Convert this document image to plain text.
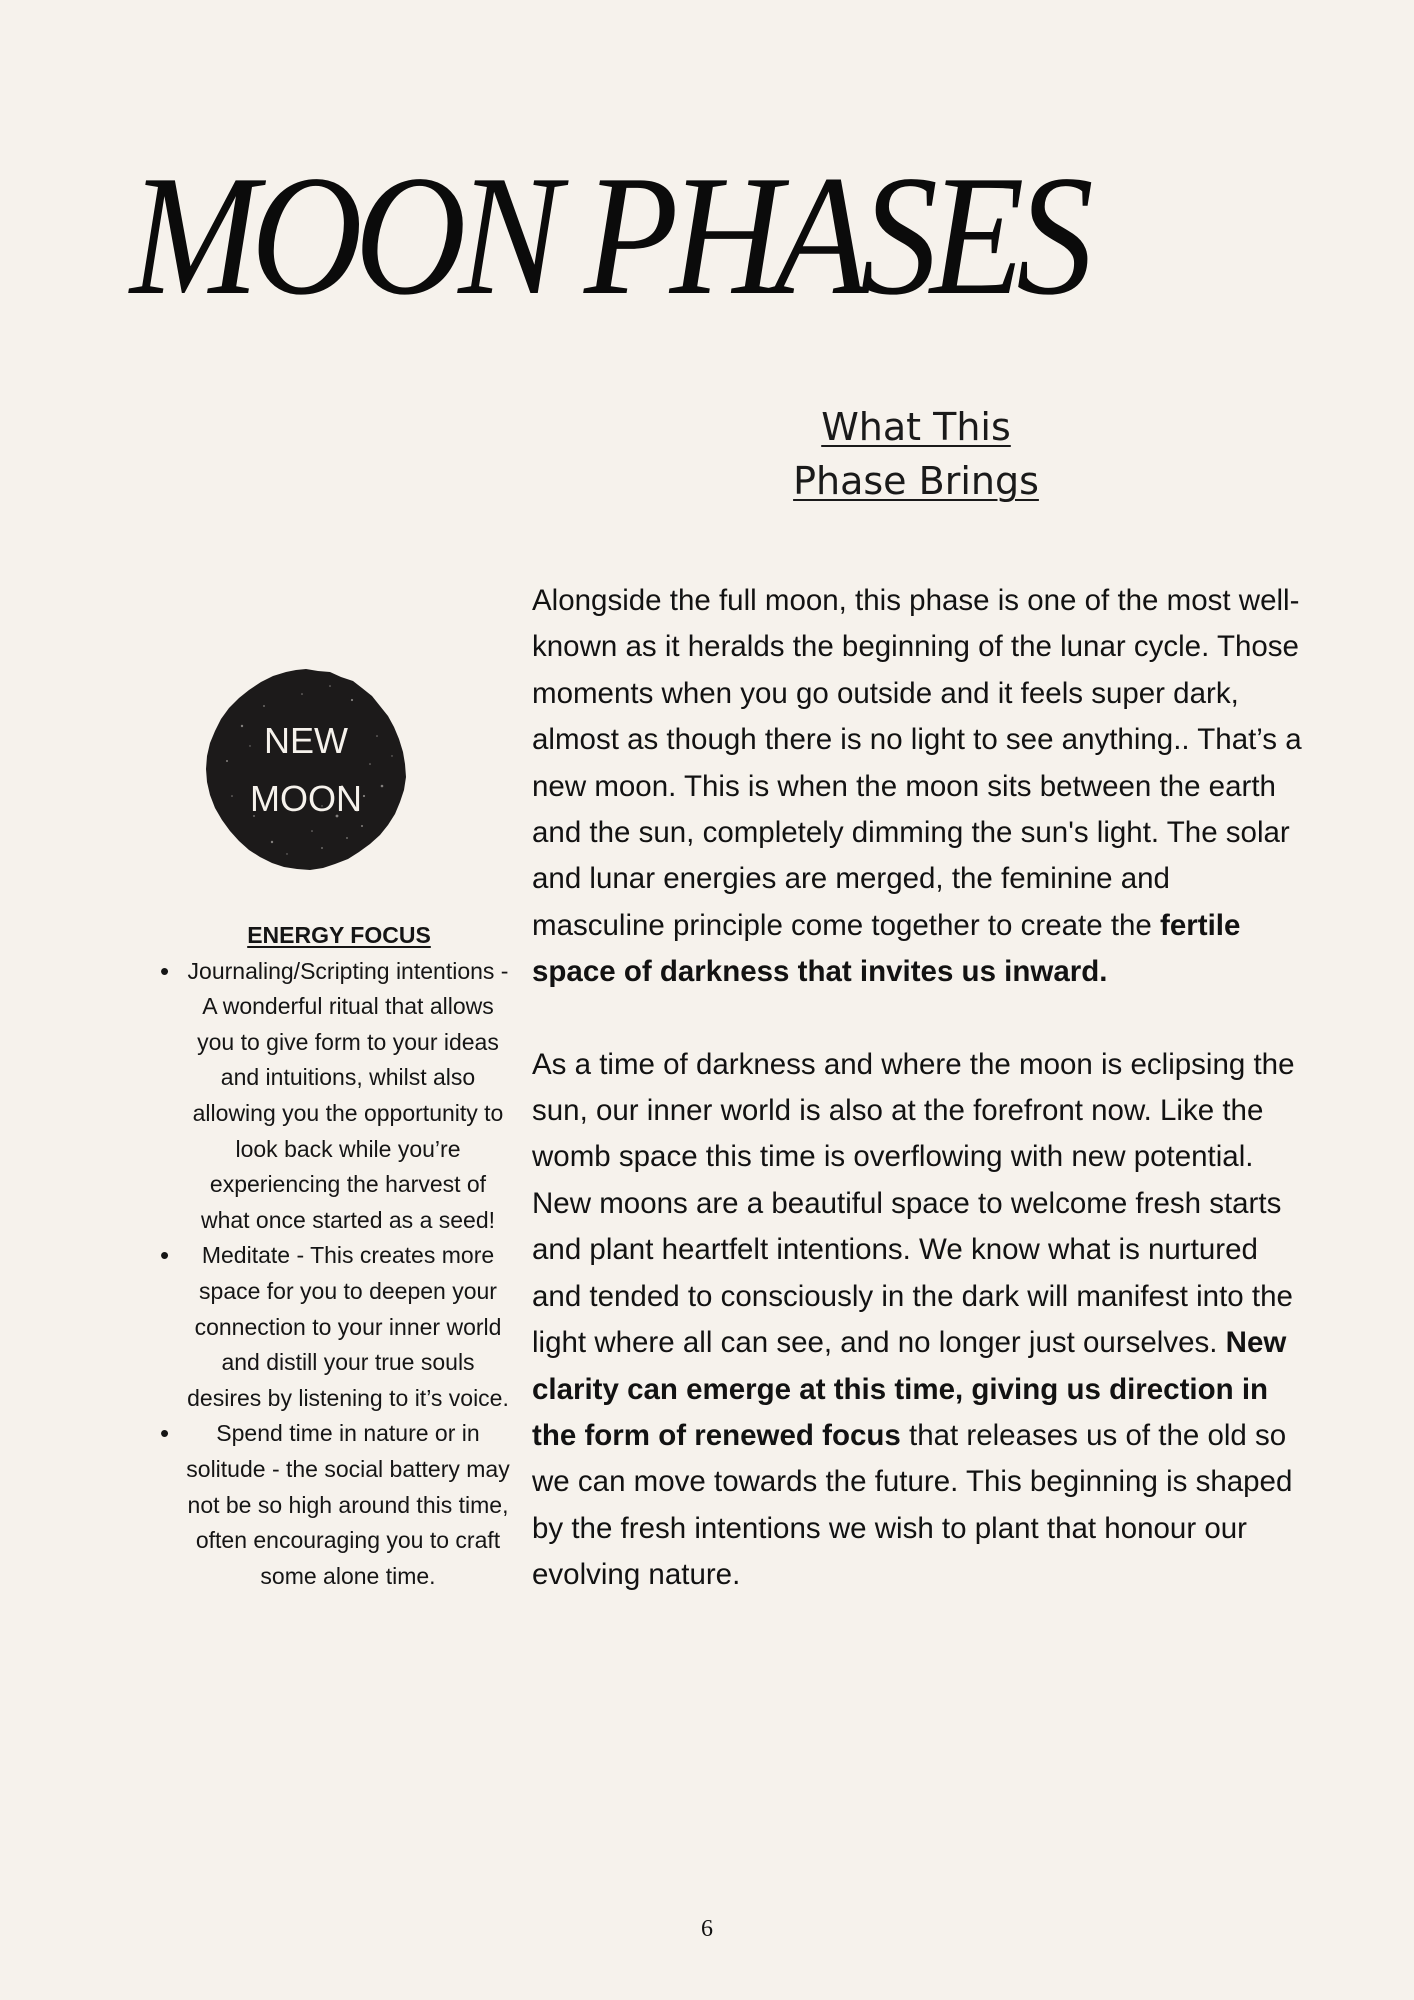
MOON PHASES
What This
Phase Brings
NEW
MOON
ENERGY FOCUS
• Journaling/Scripting intentions - A wonderful ritual that allows you to give form to your ideas and intuitions, whilst also allowing you the opportunity to look back while you’re experiencing the harvest of what once started as a seed!
• Meditate - This creates more space for you to deepen your connection to your inner world and distill your true souls desires by listening to it’s voice.
• Spend time in nature or in solitude - the social battery may not be so high around this time, often encouraging you to craft some alone time.

Alongside the full moon, this phase is one of the most well-known as it heralds the beginning of the lunar cycle. Those moments when you go outside and it feels super dark, almost as though there is no light to see anything.. That’s a new moon. This is when the moon sits between the earth and the sun, completely dimming the sun's light. The solar and lunar energies are merged, the feminine and masculine principle come together to create the fertile space of darkness that invites us inward.

As a time of darkness and where the moon is eclipsing the sun, our inner world is also at the forefront now. Like the womb space this time is overflowing with new potential. New moons are a beautiful space to welcome fresh starts and plant heartfelt intentions. We know what is nurtured and tended to consciously in the dark will manifest into the light where all can see, and no longer just ourselves. New clarity can emerge at this time, giving us direction in the form of renewed focus that releases us of the old so we can move towards the future. This beginning is shaped by the fresh intentions we wish to plant that honour our evolving nature.

6
